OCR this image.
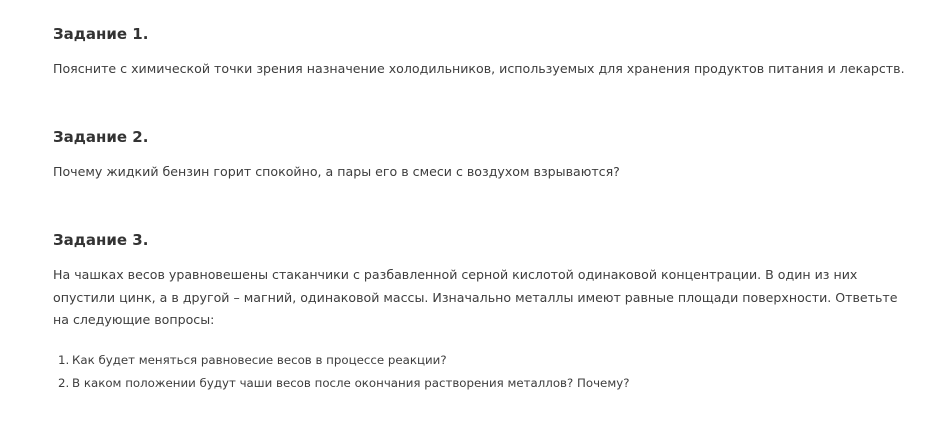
Задание 1.

Поясните с химической точки зрения назначение холодильников, используемых для хранения продуктов питания и лекарств.

Задание 2.

Почему жидкий бензин горит спокойно, а пары его в смеси с воздухом взрываются?

Задание 3.

На чашках весов уравновешены стаканчики с разбавленной серной кислотой одинаковой концентрации. В один из них опустили цинк, а в другой – магний, одинаковой массы. Изначально металлы имеют равные площади поверхности. Ответьте на следующие вопросы:

1. Как будет меняться равновесие весов в процессе реакции?
2. В каком положении будут чаши весов после окончания растворения металлов? Почему?
